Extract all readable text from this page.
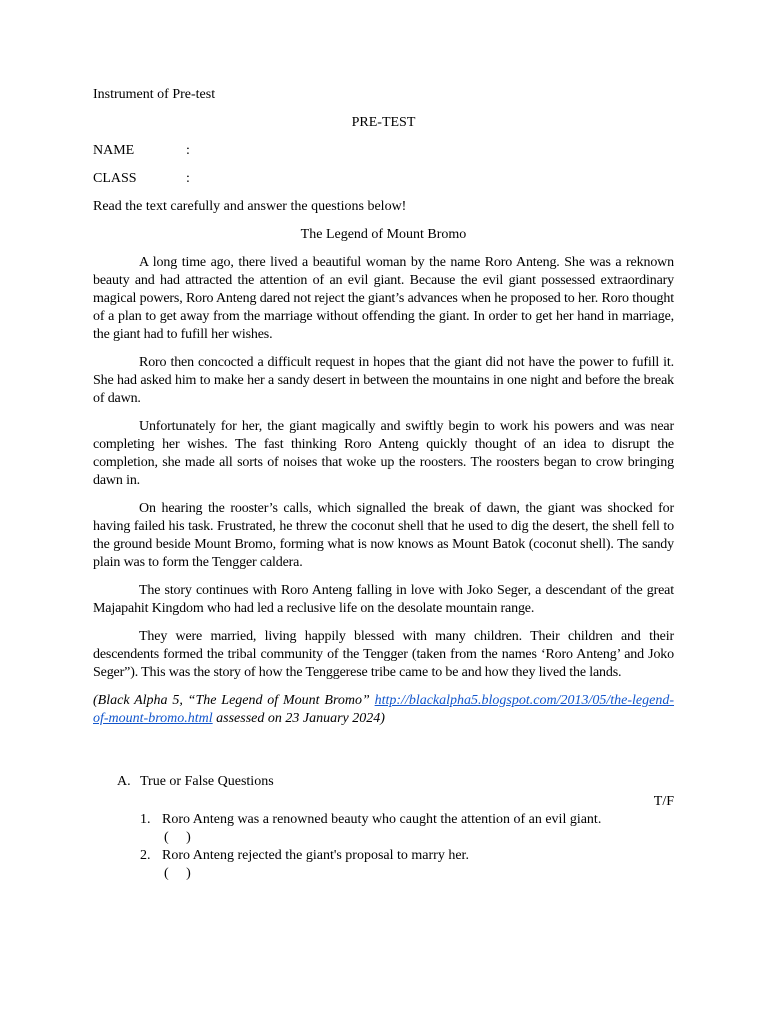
Instrument of Pre-test

PRE-TEST

NAME	:
CLASS	:

Read the text carefully and answer the questions below!

The Legend of Mount Bromo

A long time ago, there lived a beautiful woman by the name Roro Anteng. She was a reknown beauty and had attracted the attention of an evil giant. Because the evil giant possessed extraordinary magical powers, Roro Anteng dared not reject the giant’s advances when he proposed to her. Roro thought of a plan to get away from the marriage without offending the giant. In order to get her hand in marriage, the giant had to fufill her wishes.

Roro then concocted a difficult request in hopes that the giant did not have the power to fufill it. She had asked him to make her a sandy desert in between the mountains in one night and before the break of dawn.

Unfortunately for her, the giant magically and swiftly begin to work his powers and was near completing her wishes. The fast thinking Roro Anteng quickly thought of an idea to disrupt the completion, she made all sorts of noises that woke up the roosters. The roosters began to crow bringing dawn in.

On hearing the rooster’s calls, which signalled the break of dawn, the giant was shocked for having failed his task. Frustrated, he threw the coconut shell that he used to dig the desert, the shell fell to the ground beside Mount Bromo, forming what is now knows as Mount Batok (coconut shell). The sandy plain was to form the Tengger caldera.

The story continues with Roro Anteng falling in love with Joko Seger, a descendant of the great Majapahit Kingdom who had led a reclusive life on the desolate mountain range.

They were married, living happily blessed with many children. Their children and their descendents formed the tribal community of the Tengger (taken from the names ‘Roro Anteng’ and Joko Seger”). This was the story of how the Tenggerese tribe came to be and how they lived the lands.

(Black Alpha 5, “The Legend of Mount Bromo” http://blackalpha5.blogspot.com/2013/05/the-legend-of-mount-bromo.html assessed on 23 January 2024)

A. True or False Questions
T/F
1. Roro Anteng was a renowned beauty who caught the attention of an evil giant.
(     )
2. Roro Anteng rejected the giant's proposal to marry her.
(     )
